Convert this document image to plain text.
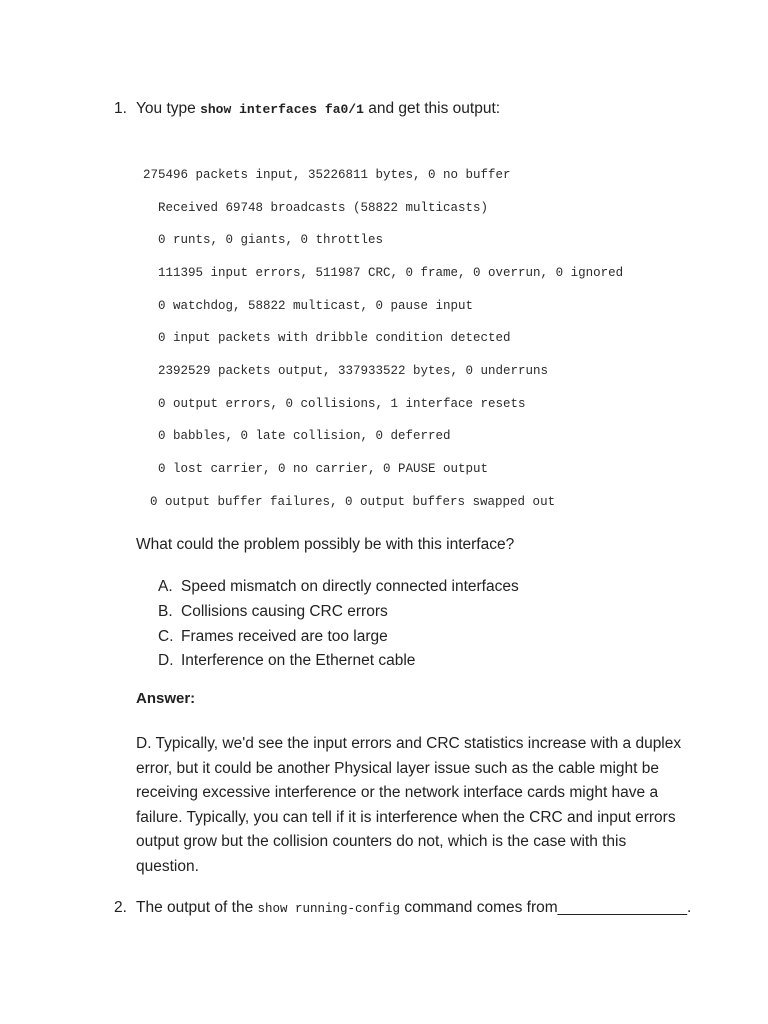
1. You type show interfaces fa0/1 and get this output:
275496 packets input, 35226811 bytes, 0 no buffer
Received 69748 broadcasts (58822 multicasts)
0 runts, 0 giants, 0 throttles
111395 input errors, 511987 CRC, 0 frame, 0 overrun, 0 ignored
0 watchdog, 58822 multicast, 0 pause input
0 input packets with dribble condition detected
2392529 packets output, 337933522 bytes, 0 underruns
0 output errors, 0 collisions, 1 interface resets
0 babbles, 0 late collision, 0 deferred
0 lost carrier, 0 no carrier, 0 PAUSE output
0 output buffer failures, 0 output buffers swapped out
What could the problem possibly be with this interface?
A. Speed mismatch on directly connected interfaces
B. Collisions causing CRC errors
C. Frames received are too large
D. Interference on the Ethernet cable
Answer:

D. Typically, we'd see the input errors and CRC statistics increase with a duplex

error, but it could be another Physical layer issue such as the cable might be

receiving excessive interference or the network interface cards might have a

failure. Typically, you can tell if it is interference when the CRC and input errors

output grow but the collision counters do not, which is the case with this

question.

2. The output of the show running-config command comes from_______________.
